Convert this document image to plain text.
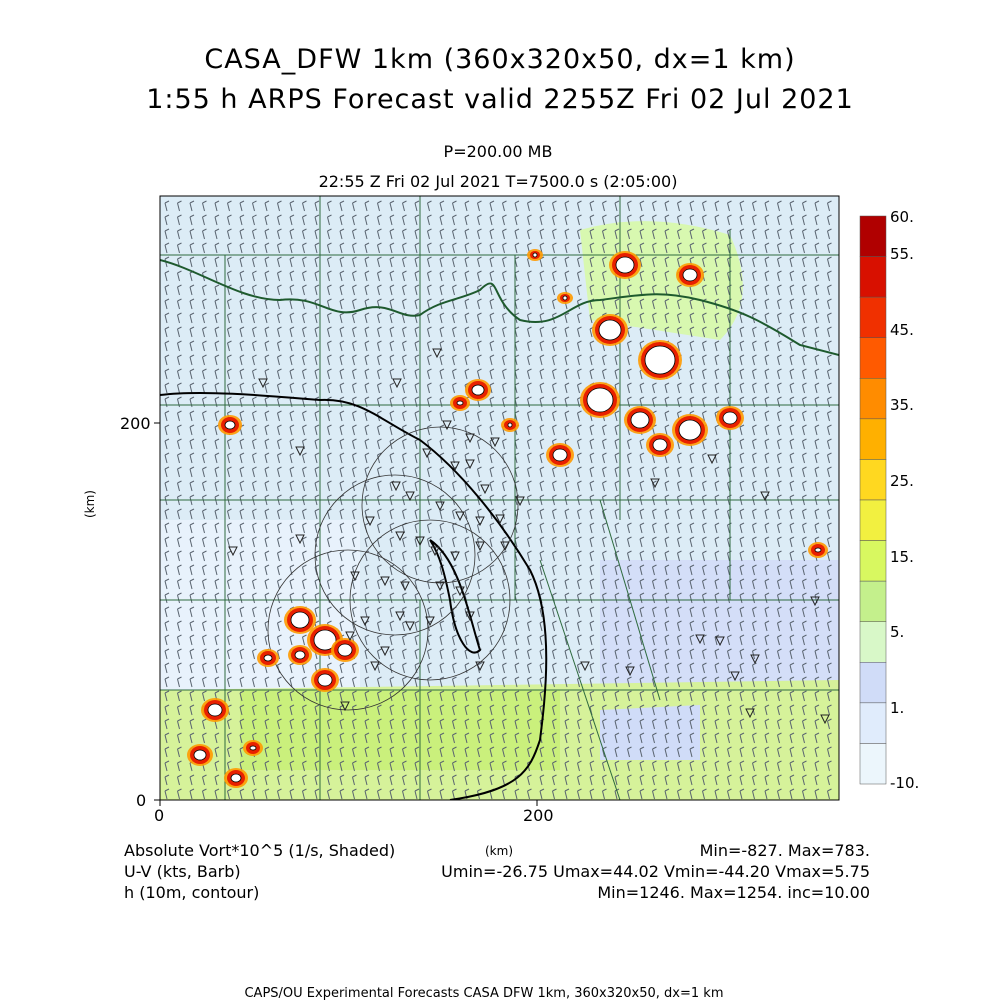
CASA_DFW 1km (360x320x50, dx=1 km)
1:55 h ARPS Forecast valid 2255Z Fri 02 Jul 2021
P=200.00 MB
22:55 Z Fri 02 Jul 2021 T=7500.0 s (2:05:00)
0	200
0
200
(km)
(km)
60.
55.
45.
35.
25.
15.
5.
1.
-10.
Absolute Vort*10^5 (1/s, Shaded)	Min=-827. Max=783.
U-V (kts, Barb)	Umin=-26.75 Umax=44.02 Vmin=-44.20 Vmax=5.75
h (10m, contour)	Min=1246. Max=1254. inc=10.00
CAPS/OU Experimental Forecasts CASA DFW 1km, 360x320x50, dx=1 km
